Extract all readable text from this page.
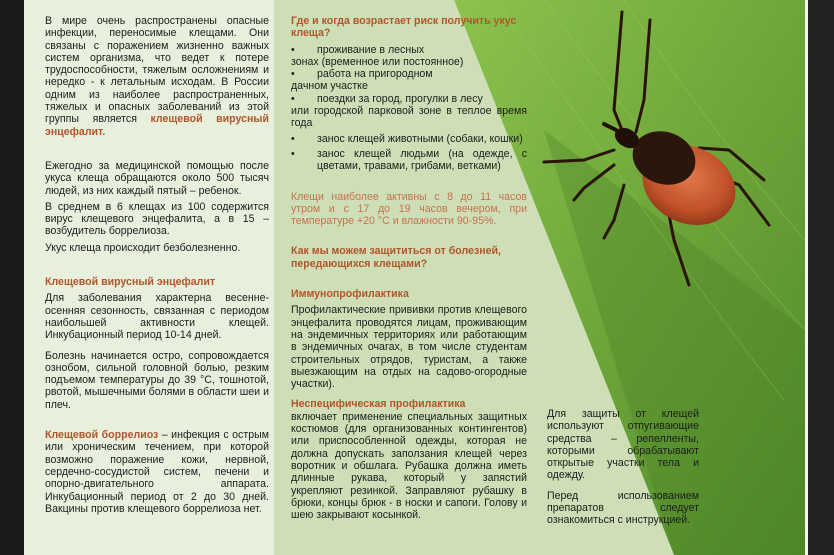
В мире очень распространены опасные инфекции, переносимые клещами. Они связаны с поражением жизненно важных систем организма, что ведет к потере трудоспособности, тяжелым осложнениям и нередко - к летальным исходам. В России одним из наиболее распространенных, тяжелых и опасных заболеваний из этой группы является клещевой вирусный энцефалит.

Ежегодно за медицинской помощью после укуса клеща обращаются около 500 тысяч людей, из них каждый пятый – ребенок.

В среднем в 6 клещах из 100 содержится вирус клещевого энцефалита, а в 15 – возбудитель боррелиоза.

Укус клеща происходит безболезненно.

Клещевой вирусный энцефалит

Для заболевания характерна весенне-осенняя сезонность, связанная с периодом наибольшей активности клещей. Инкубационный период 10-14 дней.

Болезнь начинается остро, сопровождается ознобом, сильной головной болью, резким подъемом температуры до 39 °С, тошнотой, рвотой, мышечными болями в области шеи и плеч.

Клещевой боррелиоз – инфекция с острым или хроническим течением, при которой возможно поражение кожи, нервной, сердечно-сосудистой систем, печени и опорно-двигательного аппарата. Инкубационный период от 2 до 30 дней. Вакцины против клещевого боррелиоза нет.

Где и когда возрастает риск получить укус клеща?

• проживание в лесных
зонах (временное или постоянное)
• работа на пригородном
дачном участке
• поездки за город, прогулки в лесу
или городской парковой зоне в теплое время года
• занос клещей животными (собаки, кошки)
• занос клещей людьми (на одежде, с цветами, травами, грибами, ветками)

Клещи наиболее активны с 8 до 11 часов утром и с 17 до 19 часов вечером, при температуре +20 °С и влажности 90-95%.

Как мы можем защититься от болезней, передающихся клещами?

Иммунопрофилактика

Профилактические прививки против клещевого энцефалита проводятся лицам, проживающим на эндемичных территориях или работающим в эндемичных очагах, в том числе студентам строительных отрядов, туристам, а также выезжающим на отдых на садово-огородные участки).

Неспецифическая профилактика

включает применение специальных защитных костюмов (для организованных контингентов) или приспособленной одежды, которая не должна допускать заползания клещей через воротник и обшлага. Рубашка должна иметь длинные рукава, который у запястий укрепляют резинкой. Заправляют рубашку в брюки, концы брюк - в носки и сапоги. Голову и шею закрывают косынкой.

Для защиты от клещей используют отпугивающие средства – репелленты, которыми обрабатывают открытые участки тела и одежду.

Перед использованием препаратов следует ознакомиться с инструкцией.
